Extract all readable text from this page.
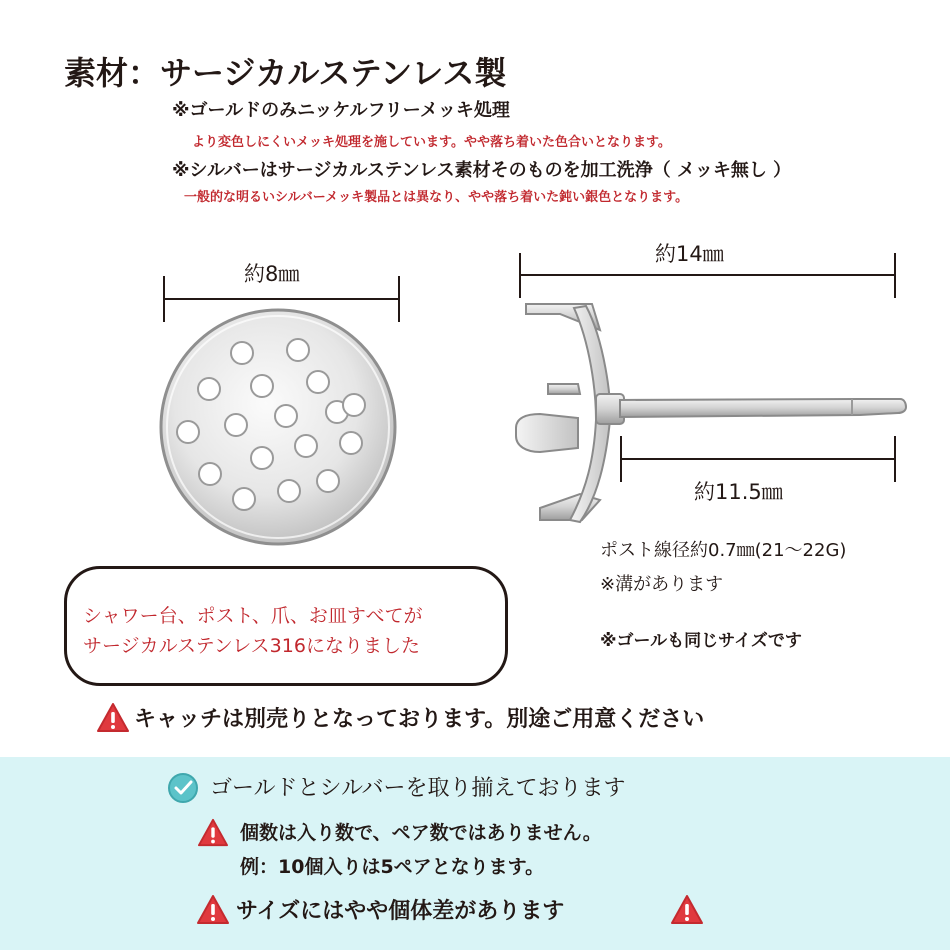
素材：サージカルステンレス製
※ゴールドのみニッケルフリーメッキ処理
より変色しにくいメッキ処理を施しています。やや落ち着いた色合いとなります。
※シルバーはサージカルステンレス素材そのものを加工洗浄（ メッキ無し ）
一般的な明るいシルバーメッキ製品とは異なり、やや落ち着いた鈍い銀色となります。
約8㎜
約14㎜
約11.5㎜
ポスト線径約0.7㎜(21～22G)
※溝があります
※ゴールも同じサイズです
シャワー台、ポスト、爪、お皿すべてが
サージカルステンレス316になりました
キャッチは別売りとなっております。別途ご用意ください
ゴールドとシルバーを取り揃えております
個数は入り数で、ペア数ではありません。
例：10個入りは5ペアとなります。
サイズにはやや個体差があります
